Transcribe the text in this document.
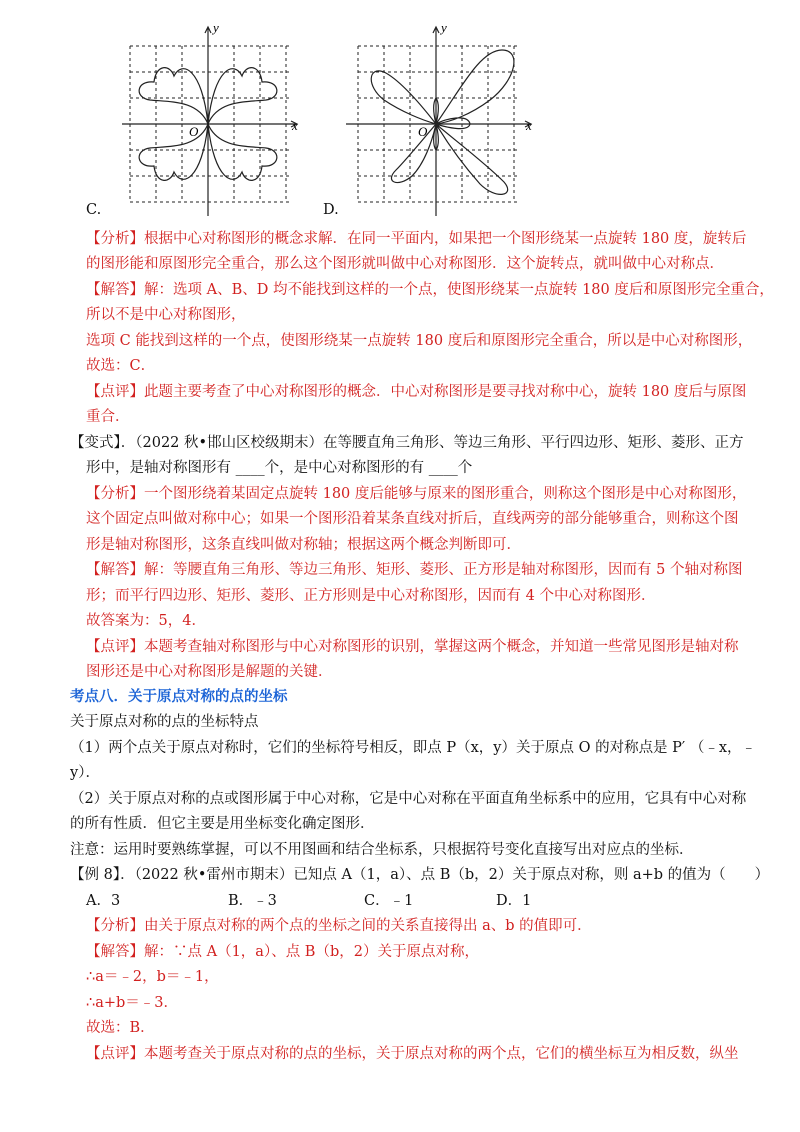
y
x
O
C.
y
x
O
D.
【分析】根据中心对称图形的概念求解．在同一平面内，如果把一个图形绕某一点旋转 180 度，旋转后
的图形能和原图形完全重合，那么这个图形就叫做中心对称图形．这个旋转点，就叫做中心对称点．
【解答】解：选项 A、B、D 均不能找到这样的一个点，使图形绕某一点旋转 180 度后和原图形完全重合，
所以不是中心对称图形，
选项 C 能找到这样的一个点，使图形绕某一点旋转 180 度后和原图形完全重合，所以是中心对称图形，
故选：C．
【点评】此题主要考查了中心对称图形的概念．中心对称图形是要寻找对称中心，旋转 180 度后与原图
重合．
【变式】．（2022 秋•邯山区校级期末）在等腰直角三角形、等边三角形、平行四边形、矩形、菱形、正方
形中，是轴对称图形有 ____个，是中心对称图形的有 ____个
【分析】一个图形绕着某固定点旋转 180 度后能够与原来的图形重合，则称这个图形是中心对称图形，
这个固定点叫做对称中心；如果一个图形沿着某条直线对折后，直线两旁的部分能够重合，则称这个图
形是轴对称图形，这条直线叫做对称轴；根据这两个概念判断即可．
【解答】解：等腰直角三角形、等边三角形、矩形、菱形、正方形是轴对称图形，因而有 5 个轴对称图
形；而平行四边形、矩形、菱形、正方形则是中心对称图形，因而有 4 个中心对称图形．
故答案为：5，4．
【点评】本题考查轴对称图形与中心对称图形的识别，掌握这两个概念，并知道一些常见图形是轴对称
图形还是中心对称图形是解题的关键．
考点八．关于原点对称的点的坐标
关于原点对称的点的坐标特点
（1）两个点关于原点对称时，它们的坐标符号相反，即点 P（x，y）关于原点 O 的对称点是 P′ （﹣x，﹣
y）．
（2）关于原点对称的点或图形属于中心对称，它是中心对称在平面直角坐标系中的应用，它具有中心对称
的所有性质．但它主要是用坐标变化确定图形．
注意：运用时要熟练掌握，可以不用图画和结合坐标系，只根据符号变化直接写出对应点的坐标．
【例 8】．（2022 秋•雷州市期末）已知点 A（1，a）、点 B（b，2）关于原点对称，则 a+b 的值为（　　）
A．3	B．﹣3	C．﹣1	D．1
【分析】由关于原点对称的两个点的坐标之间的关系直接得出 a、b 的值即可．
【解答】解：∵点 A（1，a）、点 B（b，2）关于原点对称，
∴a＝﹣2，b＝﹣1，
∴a+b＝﹣3．
故选：B．
【点评】本题考查关于原点对称的点的坐标，关于原点对称的两个点，它们的横坐标互为相反数，纵坐
